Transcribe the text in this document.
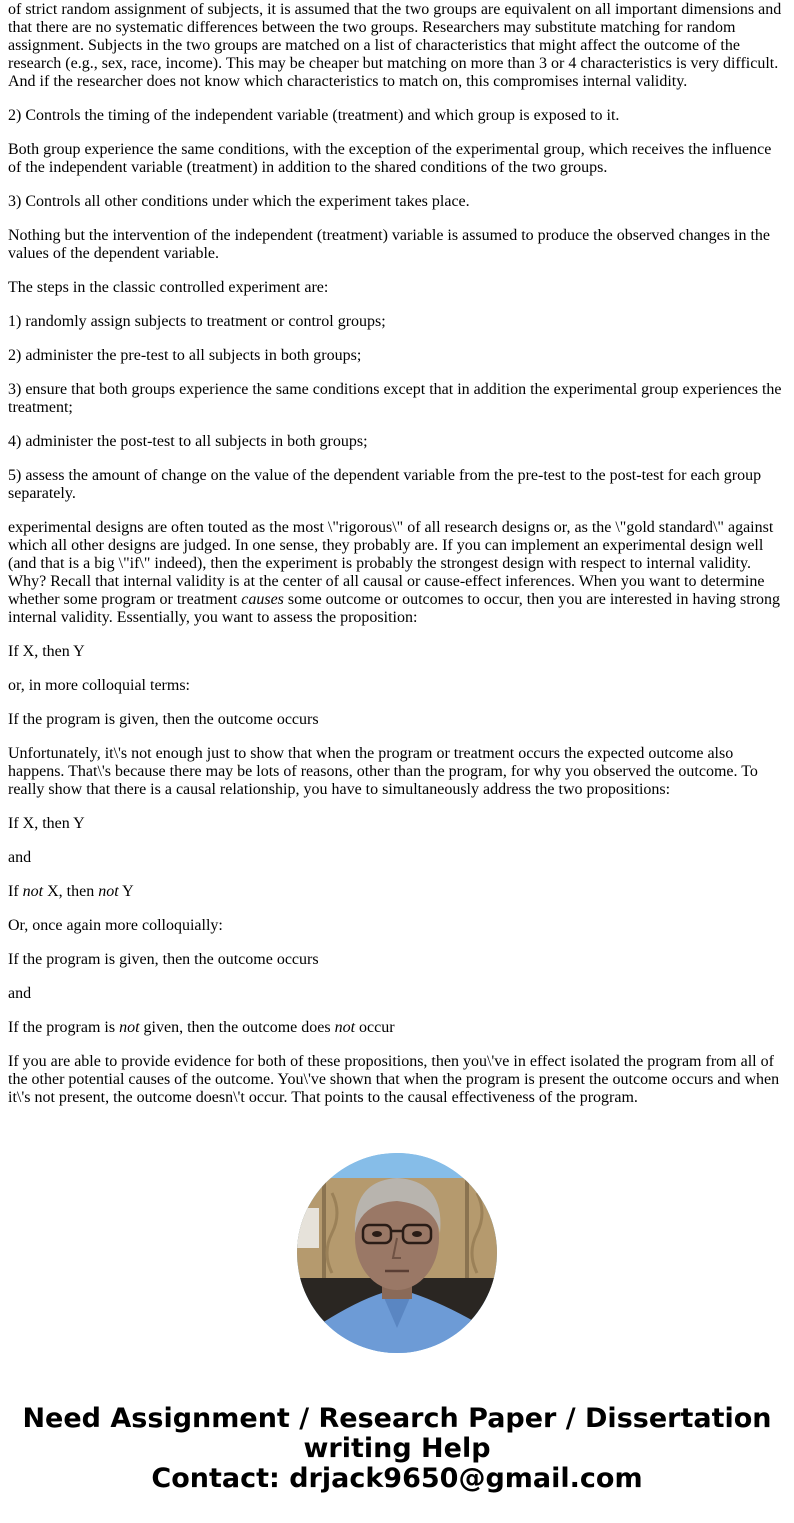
of strict random assignment of subjects, it is assumed that the two groups are equivalent on all important dimensions and that there are no systematic differences between the two groups. Researchers may substitute matching for random assignment. Subjects in the two groups are matched on a list of characteristics that might affect the outcome of the research (e.g., sex, race, income). This may be cheaper but matching on more than 3 or 4 characteristics is very difficult. And if the researcher does not know which characteristics to match on, this compromises internal validity.

2) Controls the timing of the independent variable (treatment) and which group is exposed to it.

Both group experience the same conditions, with the exception of the experimental group, which receives the influence of the independent variable (treatment) in addition to the shared conditions of the two groups.

3) Controls all other conditions under which the experiment takes place.

Nothing but the intervention of the independent (treatment) variable is assumed to produce the observed changes in the values of the dependent variable.

The steps in the classic controlled experiment are:

1) randomly assign subjects to treatment or control groups;

2) administer the pre-test to all subjects in both groups;

3) ensure that both groups experience the same conditions except that in addition the experimental group experiences the treatment;

4) administer the post-test to all subjects in both groups;

5) assess the amount of change on the value of the dependent variable from the pre-test to the post-test for each group separately.

experimental designs are often touted as the most \"rigorous\" of all research designs or, as the \"gold standard\" against which all other designs are judged. In one sense, they probably are. If you can implement an experimental design well (and that is a big \"if\" indeed), then the experiment is probably the strongest design with respect to internal validity. Why? Recall that internal validity is at the center of all causal or cause-effect inferences. When you want to determine whether some program or treatment causes some outcome or outcomes to occur, then you are interested in having strong internal validity. Essentially, you want to assess the proposition:

If X, then Y

or, in more colloquial terms:

If the program is given, then the outcome occurs

Unfortunately, it\'s not enough just to show that when the program or treatment occurs the expected outcome also happens. That\'s because there may be lots of reasons, other than the program, for why you observed the outcome. To really show that there is a causal relationship, you have to simultaneously address the two propositions:

If X, then Y

and

If not X, then not Y

Or, once again more colloquially:

If the program is given, then the outcome occurs

and

If the program is not given, then the outcome does not occur

If you are able to provide evidence for both of these propositions, then you\'ve in effect isolated the program from all of the other potential causes of the outcome. You\'ve shown that when the program is present the outcome occurs and when it\'s not present, the outcome doesn\'t occur. That points to the causal effectiveness of the program.

Need Assignment / Research Paper / Dissertation
writing Help
Contact: drjack9650@gmail.com
